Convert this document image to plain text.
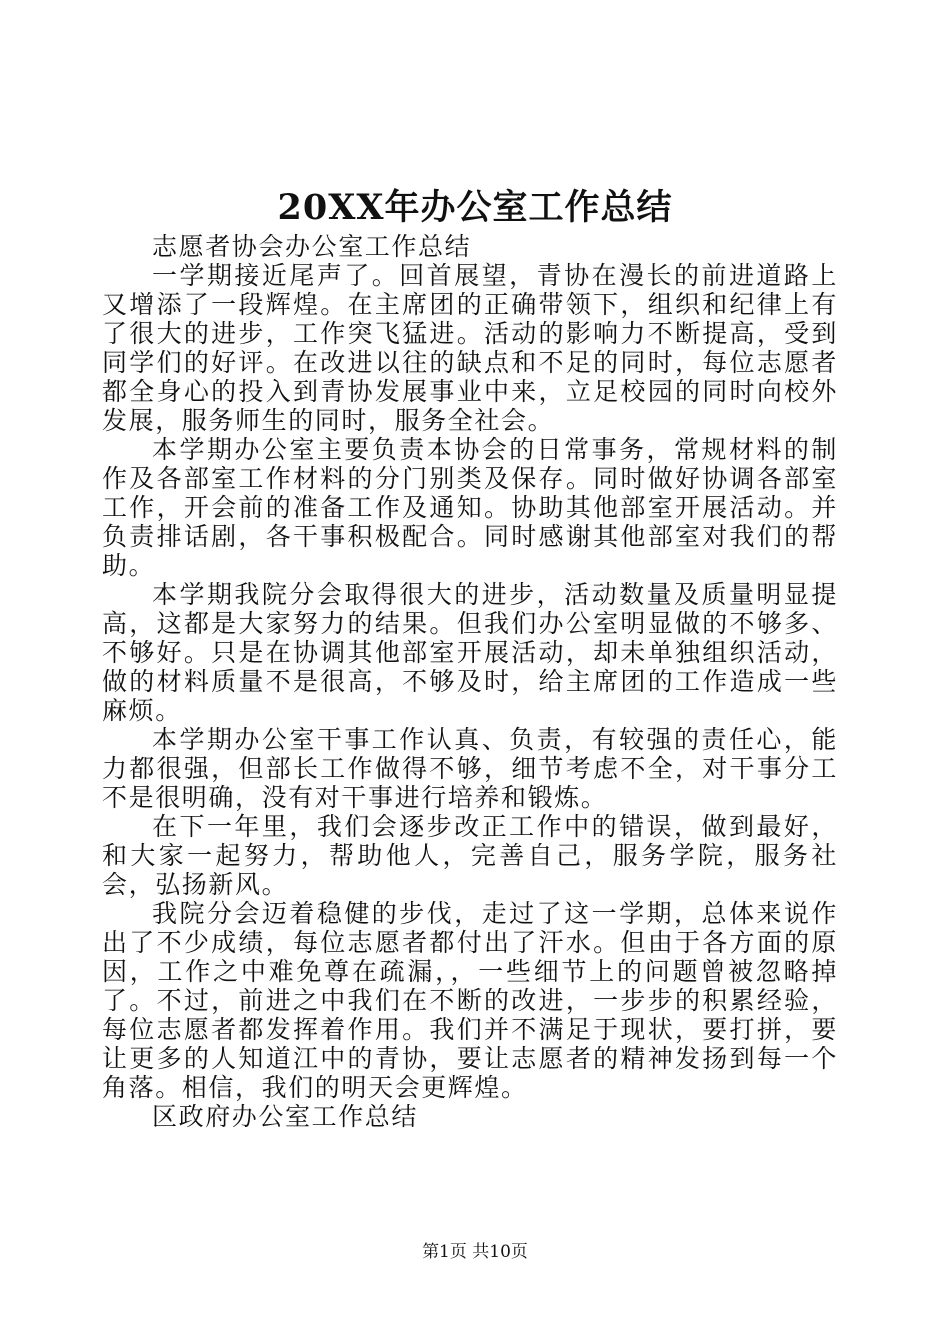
20XX年办公室工作总结

志愿者协会办公室工作总结

一学期接近尾声了。回首展望，青协在漫长的前进道路上又增添了一段辉煌。在主席团的正确带领下，组织和纪律上有了很大的进步，工作突飞猛进。活动的影响力不断提高，受到同学们的好评。在改进以往的缺点和不足的同时，每位志愿者都全身心的投入到青协发展事业中来，立足校园的同时向校外发展，服务师生的同时，服务全社会。

本学期办公室主要负责本协会的日常事务，常规材料的制作及各部室工作材料的分门别类及保存。同时做好协调各部室工作，开会前的准备工作及通知。协助其他部室开展活动。并负责排话剧，各干事积极配合。同时感谢其他部室对我们的帮助。

本学期我院分会取得很大的进步，活动数量及质量明显提高，这都是大家努力的结果。但我们办公室明显做的不够多、不够好。只是在协调其他部室开展活动，却未单独组织活动，做的材料质量不是很高，不够及时，给主席团的工作造成一些麻烦。

本学期办公室干事工作认真、负责，有较强的责任心，能力都很强，但部长工作做得不够，细节考虑不全，对干事分工不是很明确，没有对干事进行培养和锻炼。

在下一年里，我们会逐步改正工作中的错误，做到最好，和大家一起努力，帮助他人，完善自己，服务学院，服务社会，弘扬新风。

我院分会迈着稳健的步伐，走过了这一学期，总体来说作出了不少成绩，每位志愿者都付出了汗水。但由于各方面的原因，工作之中难免尊在疏漏，，一些细节上的问题曾被忽略掉了。不过，前进之中我们在不断的改进，一步步的积累经验，每位志愿者都发挥着作用。我们并不满足于现状，要打拼，要让更多的人知道江中的青协，要让志愿者的精神发扬到每一个角落。相信，我们的明天会更辉煌。

区政府办公室工作总结

第1页 共10页
